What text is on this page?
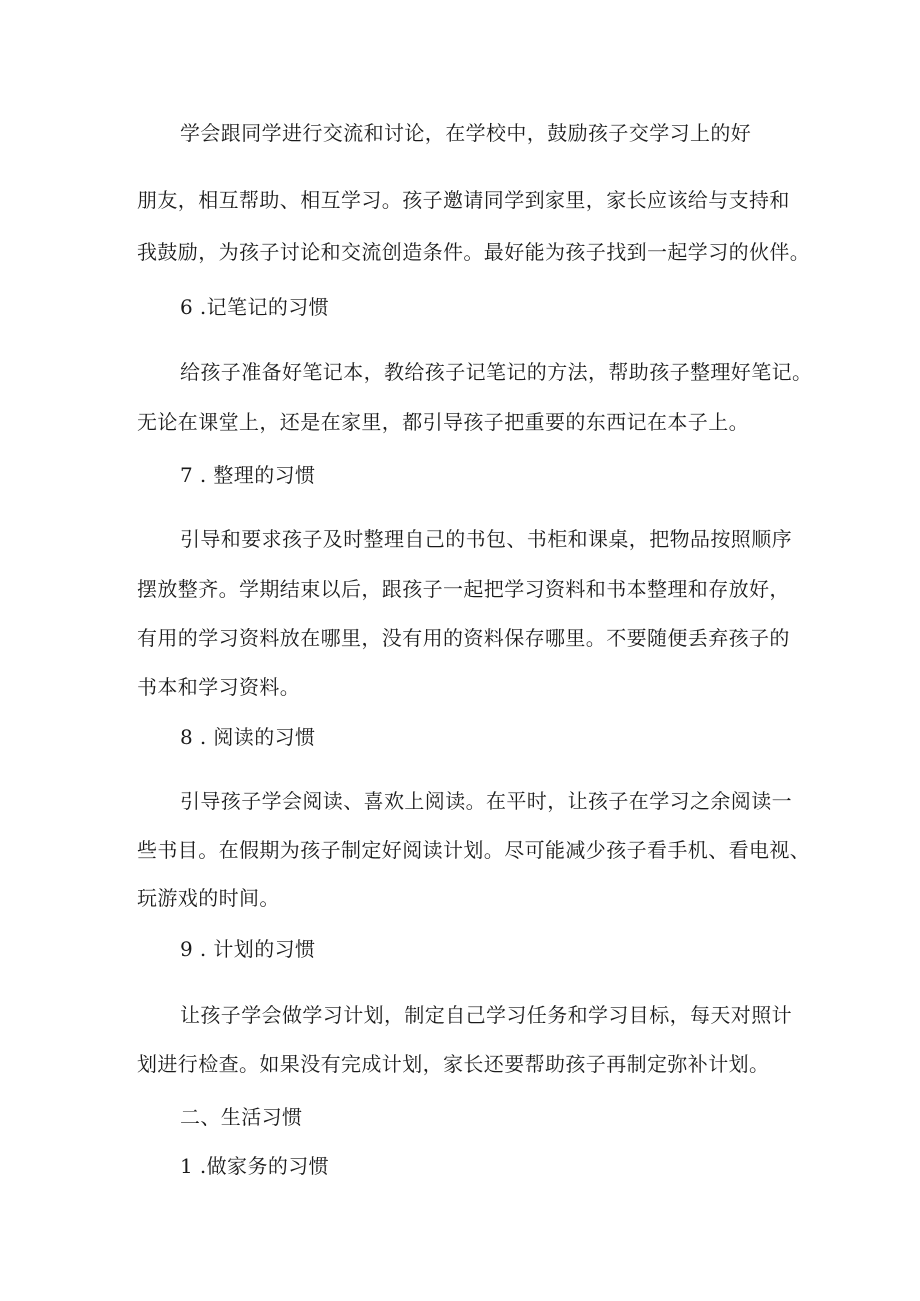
学会跟同学进行交流和讨论，在学校中，鼓励孩子交学习上的好
朋友，相互帮助、相互学习。孩子邀请同学到家里，家长应该给与支持和
我鼓励，为孩子讨论和交流创造条件。最好能为孩子找到一起学习的伙伴。
6 .记笔记的习惯
给孩子准备好笔记本，教给孩子记笔记的方法，帮助孩子整理好笔记。
无论在课堂上，还是在家里，都引导孩子把重要的东西记在本子上。
7 . 整理的习惯
引导和要求孩子及时整理自己的书包、书柜和课桌，把物品按照顺序
摆放整齐。学期结束以后，跟孩子一起把学习资料和书本整理和存放好，
有用的学习资料放在哪里，没有用的资料保存哪里。不要随便丢弃孩子的
书本和学习资料。
8 . 阅读的习惯
引导孩子学会阅读、喜欢上阅读。在平时，让孩子在学习之余阅读一
些书目。在假期为孩子制定好阅读计划。尽可能减少孩子看手机、看电视、
玩游戏的时间。
9 . 计划的习惯
让孩子学会做学习计划，制定自己学习任务和学习目标，每天对照计
划进行检查。如果没有完成计划，家长还要帮助孩子再制定弥补计划。
二、生活习惯
1 .做家务的习惯
